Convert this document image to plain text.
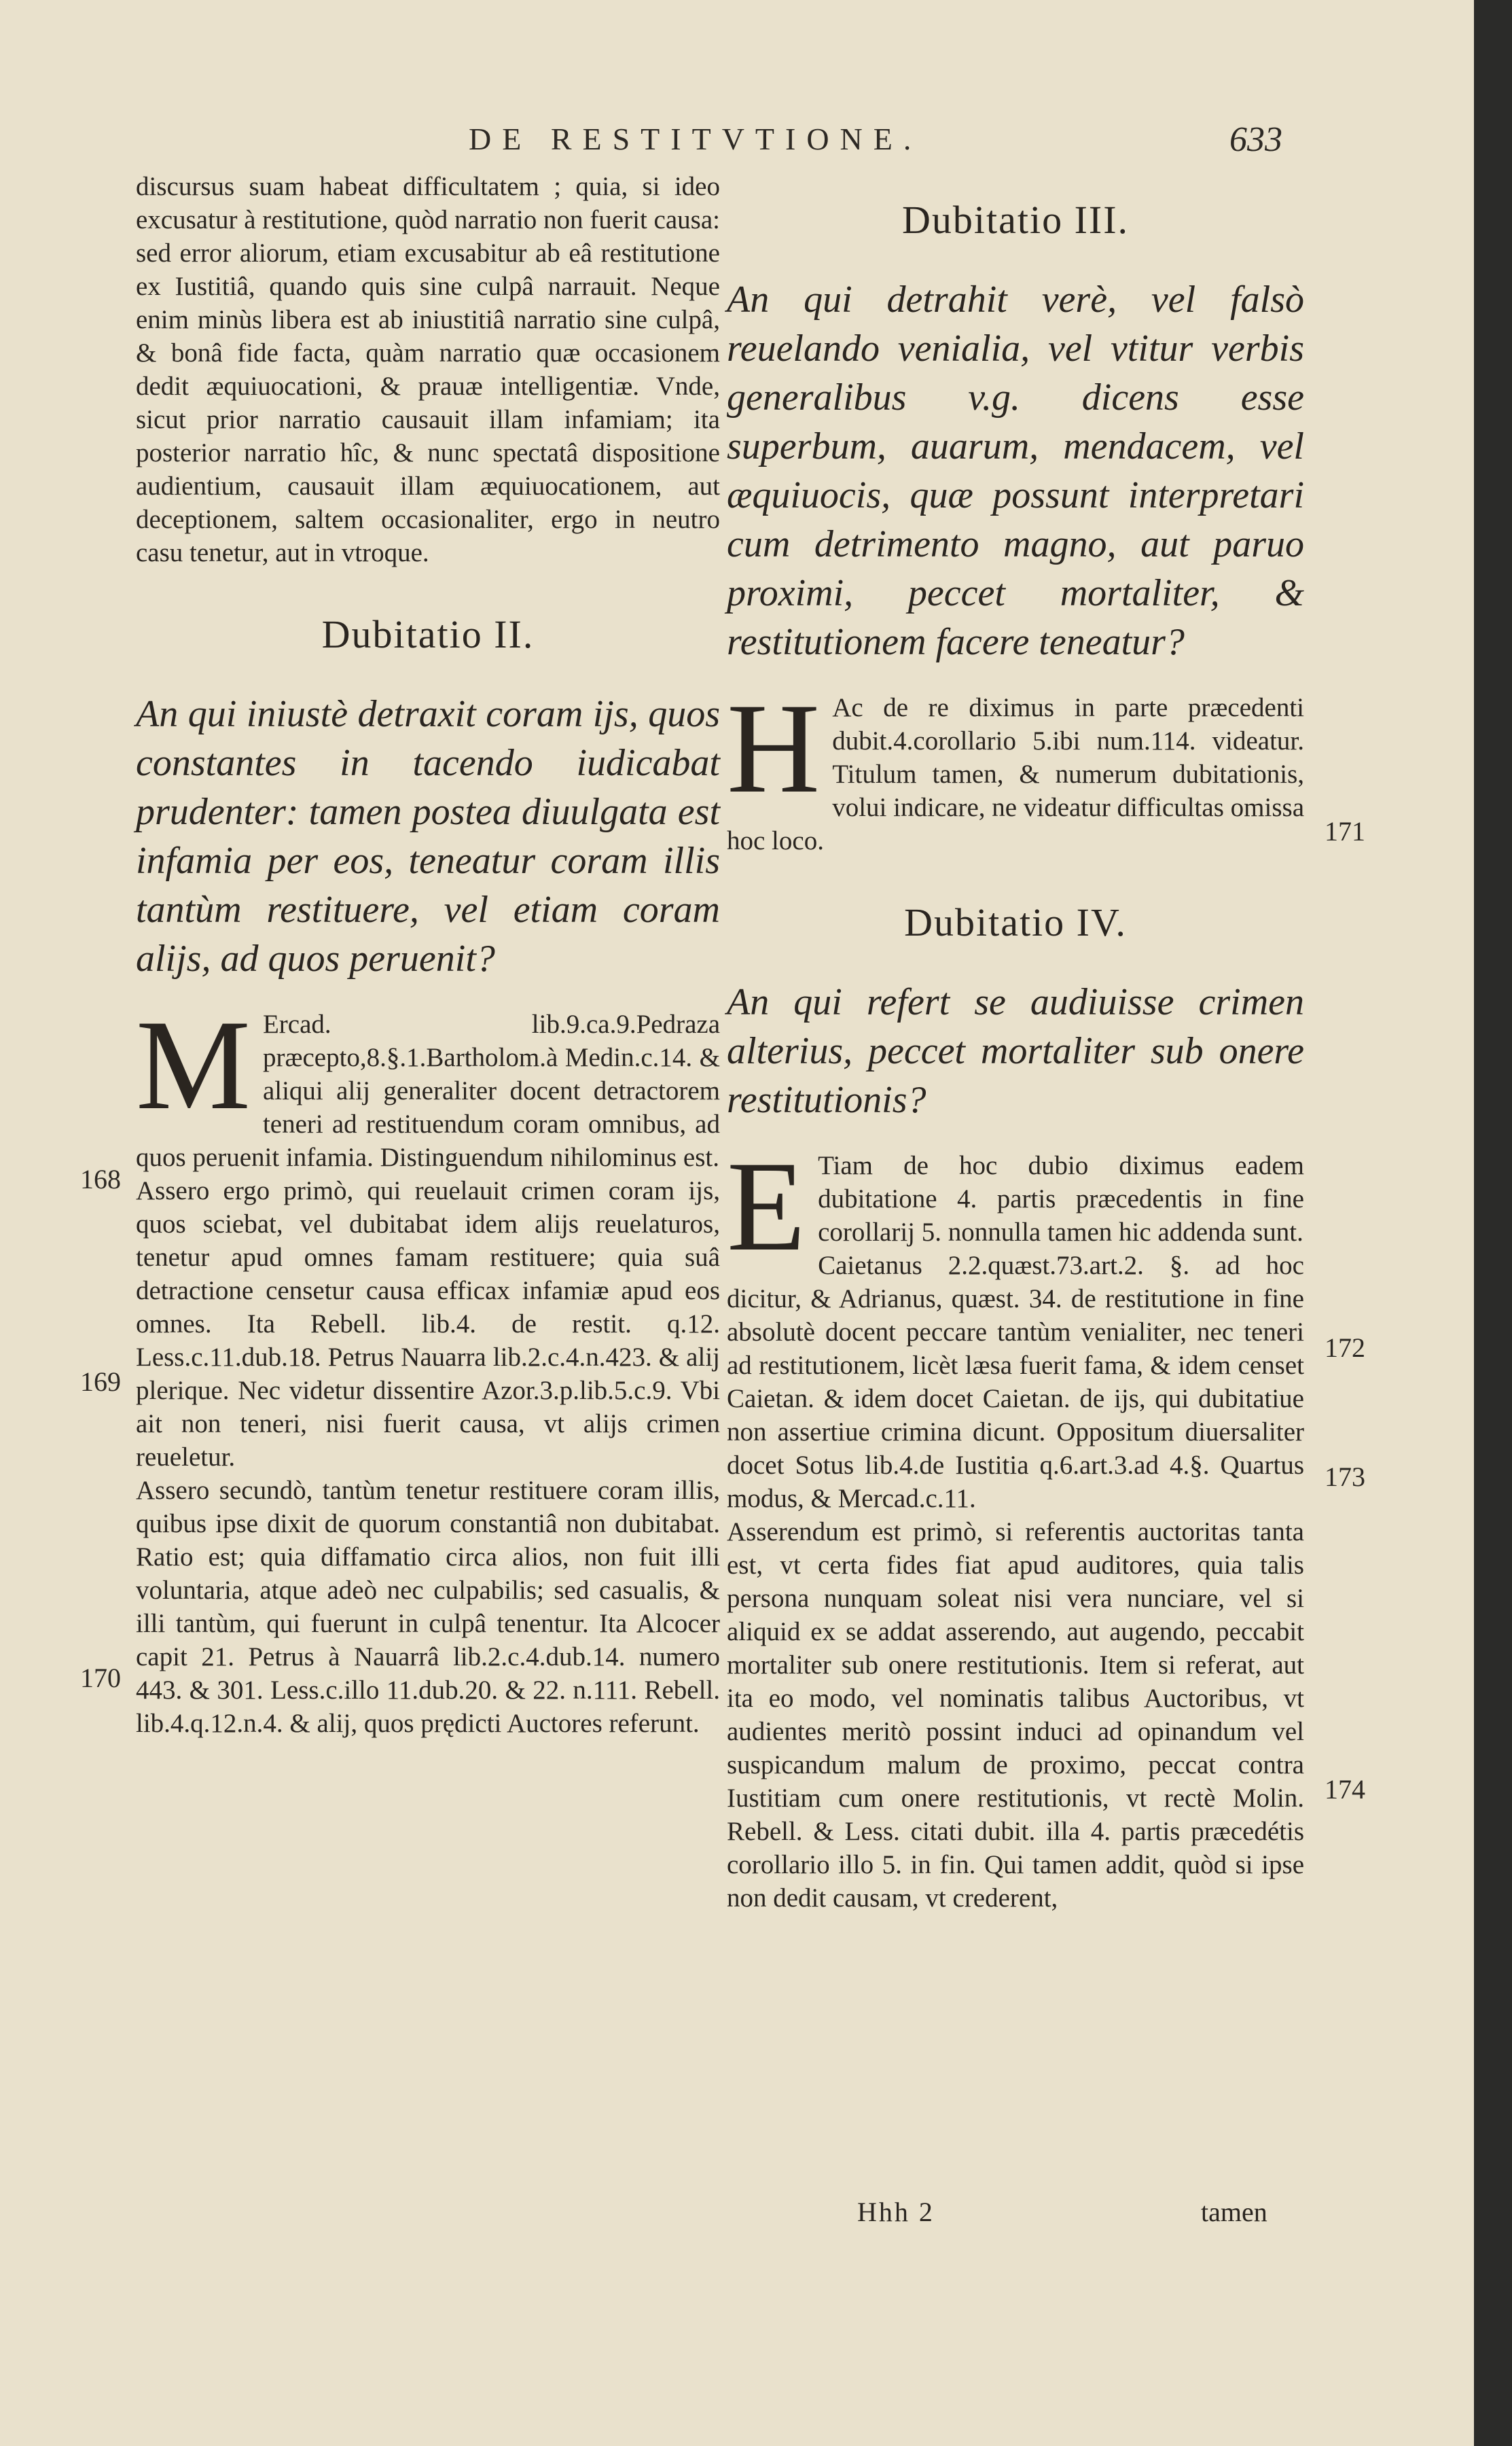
DE RESTITVTIONE.	633

discursus suam habeat difficultatem ; quia, si ideo excusatur à restitutione, quòd narratio non fuerit causa: sed error aliorum, etiam excusabitur ab eâ restitutione ex Iustitiâ, quando quis sine culpâ narrauit. Neque enim minùs libera est ab iniustitiâ narratio sine culpâ, & bonâ fide facta, quàm narratio quæ occasionem dedit æquiuocationi, & prauæ intelligentiæ. Vnde, sicut prior narratio causauit illam infamiam; ita posterior narratio hîc, & nunc spectatâ dispositione audientium, causauit illam æquiuocationem, aut deceptionem, saltem occasionaliter, ergo in neutro casu tenetur, aut in vtroque.

Dubitatio II.

An qui iniustè detraxit coram ijs, quos constantes in tacendo iudicabat prudenter: tamen postea diuulgata est infamia per eos, teneatur coram illis tantùm restituere, vel etiam coram alijs, ad quos peruenit?

M Ercad. lib.9.ca.9.Pedraza præcepto,8.§.1.Bartholom.à Medin.c.14. & aliqui alij generaliter docent detractorem teneri ad restituendum coram omnibus, ad quos peruenit infamia. Distinguendum nihilominus est.

Assero ergo primò, qui reuelauit crimen coram ijs, quos sciebat, vel dubitabat idem alijs reuelaturos, tenetur apud omnes famam restituere; quia suâ detractione censetur causa efficax infamiæ apud eos omnes. Ita Rebell. lib.4. de restit. q.12. Less.c.11.dub.18. Petrus Nauarra lib.2.c.4.n.423. & alij plerique. Nec videtur dissentire Azor.3.p.lib.5.c.9. Vbi ait non teneri, nisi fuerit causa, vt alijs crimen reueletur.

Assero secundò, tantùm tenetur restituere coram illis, quibus ipse dixit de quorum constantiâ non dubitabat. Ratio est; quia diffamatio circa alios, non fuit illi voluntaria, atque adeò nec culpabilis; sed casualis, & illi tantùm, qui fuerunt in culpâ tenentur. Ita Alcocer capit 21. Petrus à Nauarrâ lib.2.c.4.dub.14. numero 443. & 301. Less.c.illo 11.dub.20. & 22. n.111. Rebell. lib.4.q.12.n.4. & alij, quos prędicti Auctores referunt.

168
169
170
Dubitatio III.

An qui detrahit verè, vel falsò reuelando venialia, vel vtitur verbis generalibus v.g. dicens esse superbum, auarum, mendacem, vel æquiuocis, quæ possunt interpretari cum detrimento magno, aut paruo proximi, peccet mortaliter, & restitutionem facere teneatur?

H Ac de re diximus in parte præcedenti dubit.4.corollario 5.ibi num.114. videatur. Titulum tamen, & numerum dubitationis, volui indicare, ne videatur difficultas omissa hoc loco.

Dubitatio IV.

An qui refert se audiuisse crimen alterius, peccet mortaliter sub onere restitutionis?

E Tiam de hoc dubio diximus eadem dubitatione 4. partis præcedentis in fine corollarij 5. nonnulla tamen hic addenda sunt.

Caietanus 2.2.quæst.73.art.2. §. ad hoc dicitur, & Adrianus, quæst. 34. de restitutione in fine absolutè docent peccare tantùm venialiter, nec teneri ad restitutionem, licèt læsa fuerit fama, & idem censet Caietan. & idem docet Caietan. de ijs, qui dubitatiue non assertiue crimina dicunt. Oppositum diuersaliter docet Sotus lib.4.de Iustitia q.6.art.3.ad 4.§. Quartus modus, & Mercad.c.11.

Asserendum est primò, si referentis auctoritas tanta est, vt certa fides fiat apud auditores, quia talis persona nunquam soleat nisi vera nunciare, vel si aliquid ex se addat asserendo, aut augendo, peccabit mortaliter sub onere restitutionis. Item si referat, aut ita eo modo, vel nominatis talibus Auctoribus, vt audientes meritò possint induci ad opinandum vel suspicandum malum de proximo, peccat contra Iustitiam cum onere restitutionis, vt rectè Molin. Rebell. & Less. citati dubit. illa 4. partis præcedétis corollario illo 5. in fin. Qui tamen addit, quòd si ipse non dedit causam, vt crederent,

171
172
173
174
Hhh 2	tamen
